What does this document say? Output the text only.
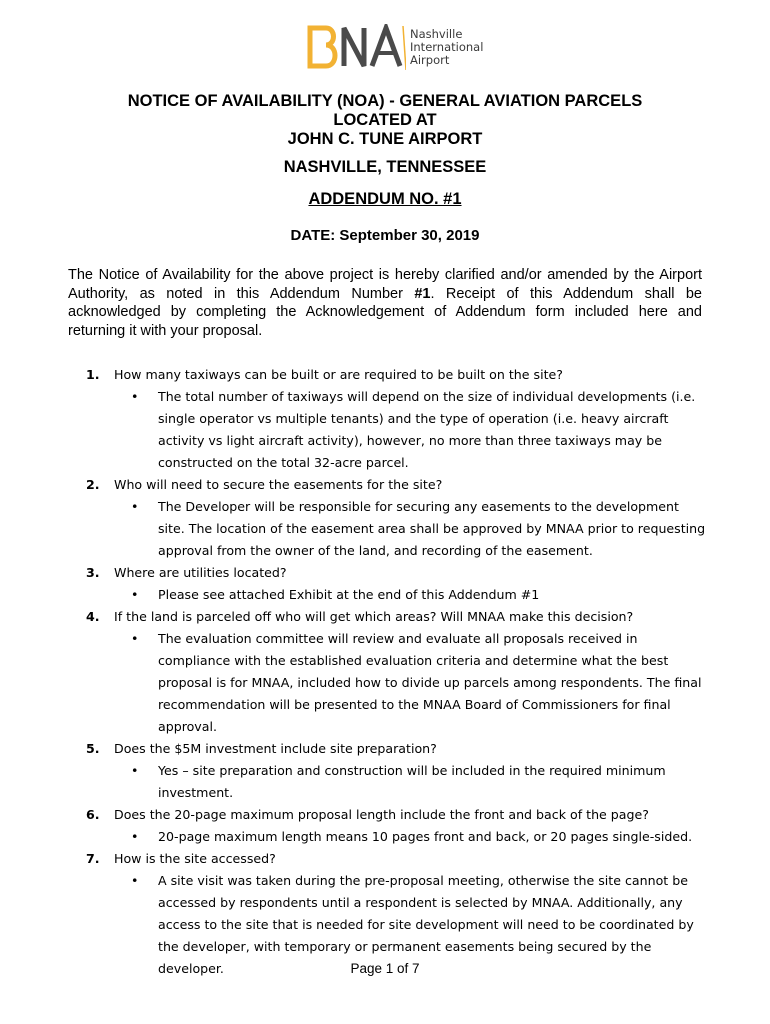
Nashville
International
Airport
NOTICE OF AVAILABILITY (NOA) - GENERAL AVIATION PARCELS
LOCATED AT
JOHN C. TUNE AIRPORT
NASHVILLE, TENNESSEE
ADDENDUM NO. #1
DATE: September 30, 2019
The Notice of Availability for the above project is hereby clarified and/or amended by the Airport Authority, as noted in this Addendum Number #1. Receipt of this Addendum shall be acknowledged by completing the Acknowledgement of Addendum form included here and returning it with your proposal.
1. How many taxiways can be built or are required to be built on the site?
• The total number of taxiways will depend on the size of individual developments (i.e. single operator vs multiple tenants) and the type of operation (i.e. heavy aircraft activity vs light aircraft activity), however, no more than three taxiways may be constructed on the total 32-acre parcel.
2. Who will need to secure the easements for the site?
• The Developer will be responsible for securing any easements to the development site. The location of the easement area shall be approved by MNAA prior to requesting approval from the owner of the land, and recording of the easement.
3. Where are utilities located?
• Please see attached Exhibit at the end of this Addendum #1
4. If the land is parceled off who will get which areas? Will MNAA make this decision?
• The evaluation committee will review and evaluate all proposals received in compliance with the established evaluation criteria and determine what the best proposal is for MNAA, included how to divide up parcels among respondents. The final recommendation will be presented to the MNAA Board of Commissioners for final approval.
5. Does the $5M investment include site preparation?
• Yes – site preparation and construction will be included in the required minimum investment.
6. Does the 20-page maximum proposal length include the front and back of the page?
• 20-page maximum length means 10 pages front and back, or 20 pages single-sided.
7. How is the site accessed?
• A site visit was taken during the pre-proposal meeting, otherwise the site cannot be accessed by respondents until a respondent is selected by MNAA. Additionally, any access to the site that is needed for site development will need to be coordinated by the developer, with temporary or permanent easements being secured by the developer.	Page 1 of 7
